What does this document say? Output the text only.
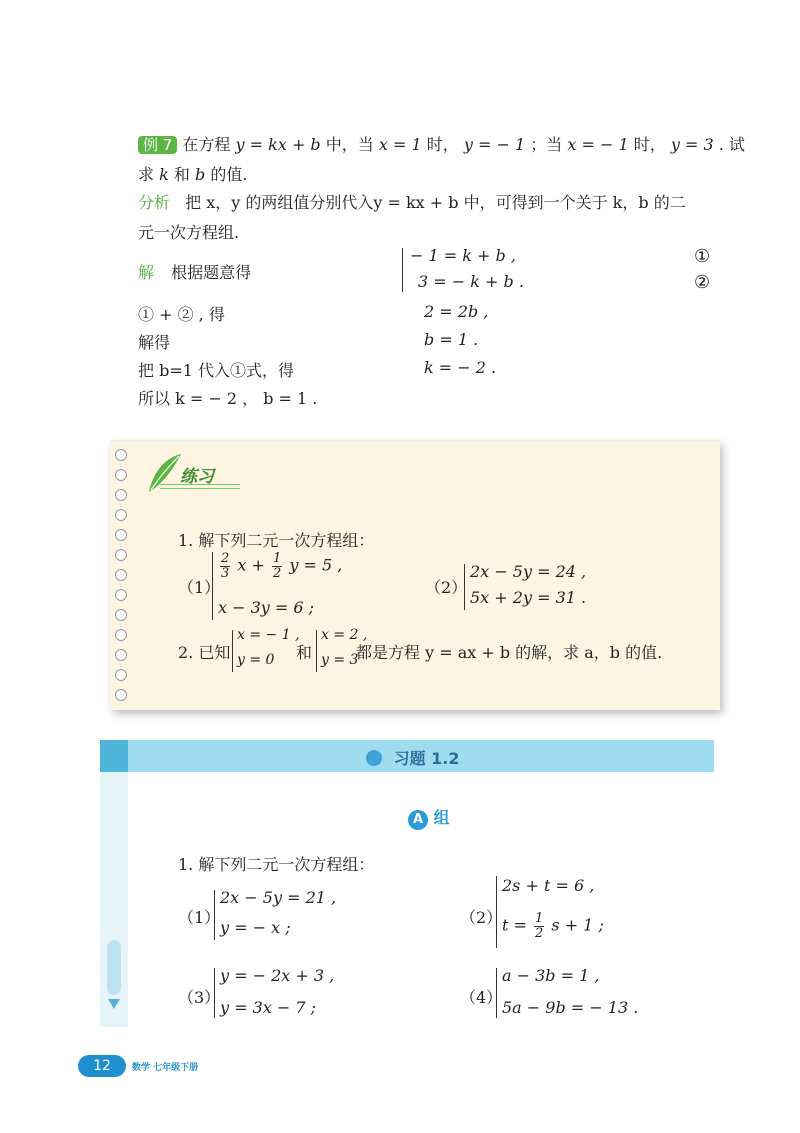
例 7 在方程 y = kx + b 中，当 x = 1 时， y = − 1 ；当 x = − 1 时， y = 3 . 试
求 k 和 b 的值.
分析 把 x，y 的两组值分别代入y = kx + b 中，可得到一个关于 k，b 的二
元一次方程组.
解 根据题意得
− 1 = k + b ,
3 = − k + b .
①
②
① + ② , 得	2 = 2b ,
解得	b = 1 .
把 b=1 代入①式，得	k = − 2 .
所以 k = − 2 ， b = 1 .
练习
1. 解下列二元一次方程组：
（1）
$\frac{2}{3}$ $x + \frac{1}{2}$ y = 5 ,
x − 3y = 6 ;
（2）
2x − 5y = 24 ,
5x + 2y = 31 .
2. 已知
x = − 1 ,
y = 0 和
x = 2 ,
y = 3
都是方程 y = ax + b 的解，求 a，b 的值.
习题 1.2
A 组
1. 解下列二元一次方程组：
（1）
2x − 5y = 21 ,
y = − x ;
（2）
2s + t = 6 ,
$t = \frac{1}{2}$ s + 1 ;
（3）
y = − 2x + 3 ,
y = 3x − 7 ;
（4）
a − 3b = 1 ,
5a − 9b = − 13 .
12	数学 七年级下册
